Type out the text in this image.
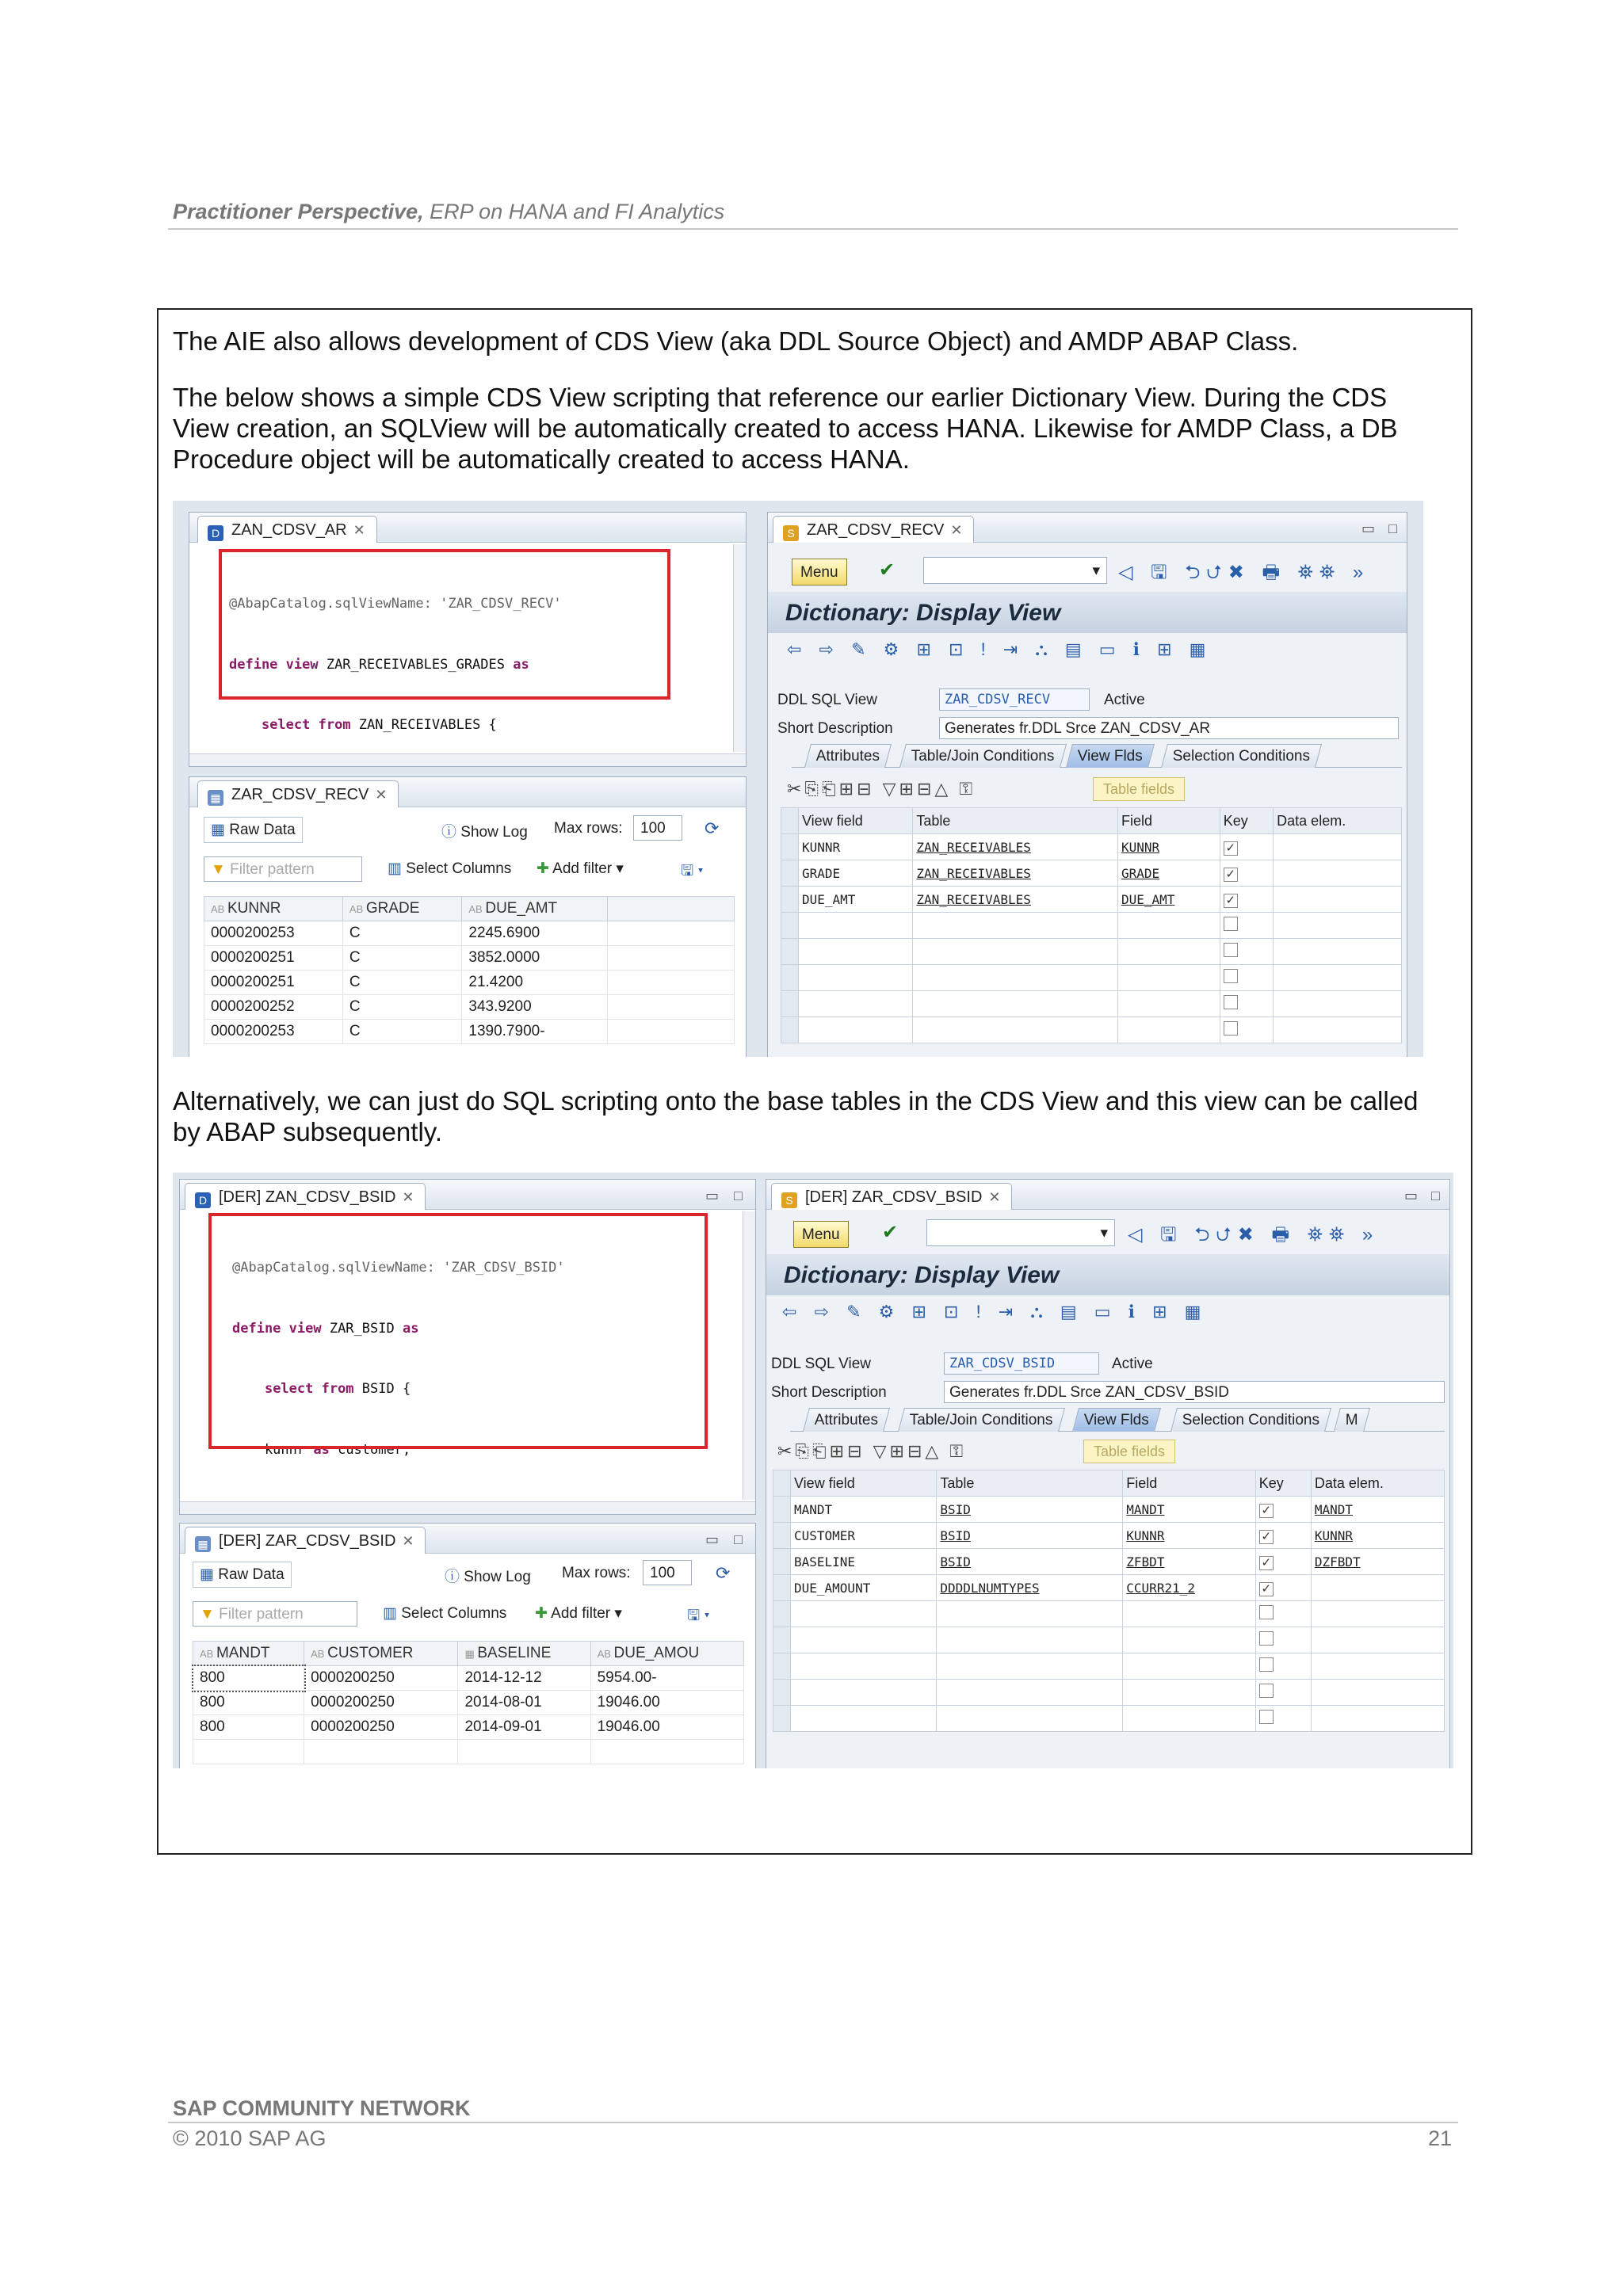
Practitioner Perspective, ERP on HANA and FI Analytics
The AIE also allows development of CDS View (aka DDL Source Object) and AMDP ABAP Class.
The below shows a simple CDS View scripting that reference our earlier Dictionary View. During the CDS View creation, an SQLView will be automatically created to access HANA. Likewise for AMDP Class, a DB Procedure object will be automatically created to access HANA.
D ZAN_CDSV_AR ✕

@AbapCatalog.sqlViewName: 'ZAR_CDSV_RECV'

define view ZAR_RECEIVABLES_GRADES as

select from ZAN_RECEIVABLES {

▦ ZAR_CDSV_RECV ✕
▦ Raw Data	ⓘ Show Log Max rows:	100	⟳
▼ Filter pattern	▥ Select Columns ✚ Add filter ▾	🖫 ▾
AB KUNNR	AB GRADE	AB DUE_AMT	
0000200253	C	2245.6900	
0000200251	C	3852.0000	
0000200251	C	21.4200	
0000200252	C	343.9200	
0000200253	C	1390.7900-	
S ZAR_CDSV_RECV ✕	▭ □
Menu	✔	▾ ◁ 🖫 ⮌⮍✖ 🖶 ⛯⛯ »
Dictionary: Display View
⇦ ⇨ ✎ ⚙ ⊞ ⊡ ! ⇥ ⛬ ▤ ▭ ℹ ⊞ ▦
DDL SQL View	ZAR_CDSV_RECV	Active
Short Description	Generates fr.DDL Srce ZAN_CDSV_AR
Attributes	Table/Join Conditions	View Flds	Selection Conditions
✂⎘⎗⊞⊟ ▽⊞⊟△ ⚿	Table fields
	View field	Table	Field	Key	Data elem.
	KUNNR	ZAN_RECEIVABLES	KUNNR	✓	
	GRADE	ZAN_RECEIVABLES	GRADE	✓	
	DUE_AMT	ZAN_RECEIVABLES	DUE_AMT	✓	

Alternatively, we can just do SQL scripting onto the base tables in the CDS View and this view can be called by ABAP subsequently.
D [DER] ZAN_CDSV_BSID ✕	▭ □

@AbapCatalog.sqlViewName: 'ZAR_CDSV_BSID'

define view ZAR_BSID as

select from BSID {

kunnr as customer,

▦ [DER] ZAR_CDSV_BSID ✕	▭ □
▦ Raw Data	ⓘ Show Log Max rows:	100	⟳
▼ Filter pattern	▥ Select Columns ✚ Add filter ▾	🖫 ▾
AB MANDT	AB CUSTOMER	▦ BASELINE	AB DUE_AMOU
800	0000200250	2014-12-12	5954.00-
800	0000200250	2014-08-01	19046.00
800	0000200250	2014-09-01	19046.00

S [DER] ZAR_CDSV_BSID ✕	▭ □
Menu	✔	▾ ◁ 🖫 ⮌⮍✖ 🖶 ⛯⛯ »
Dictionary: Display View
⇦ ⇨ ✎ ⚙ ⊞ ⊡ ! ⇥ ⛬ ▤ ▭ ℹ ⊞ ▦
DDL SQL View	ZAR_CDSV_BSID	Active
Short Description	Generates fr.DDL Srce ZAN_CDSV_BSID
Attributes	Table/Join Conditions	View Flds	Selection Conditions	M
✂⎘⎗⊞⊟ ▽⊞⊟△ ⚿	Table fields
	View field	Table	Field	Key	Data elem.
	MANDT	BSID	MANDT	✓	MANDT
	CUSTOMER	BSID	KUNNR	✓	KUNNR
	BASELINE	BSID	ZFBDT	✓	DZFBDT
	DUE_AMOUNT	DDDDLNUMTYPES	CCURR21_2	✓	

SAP COMMUNITY NETWORK
© 2010 SAP AG	21
